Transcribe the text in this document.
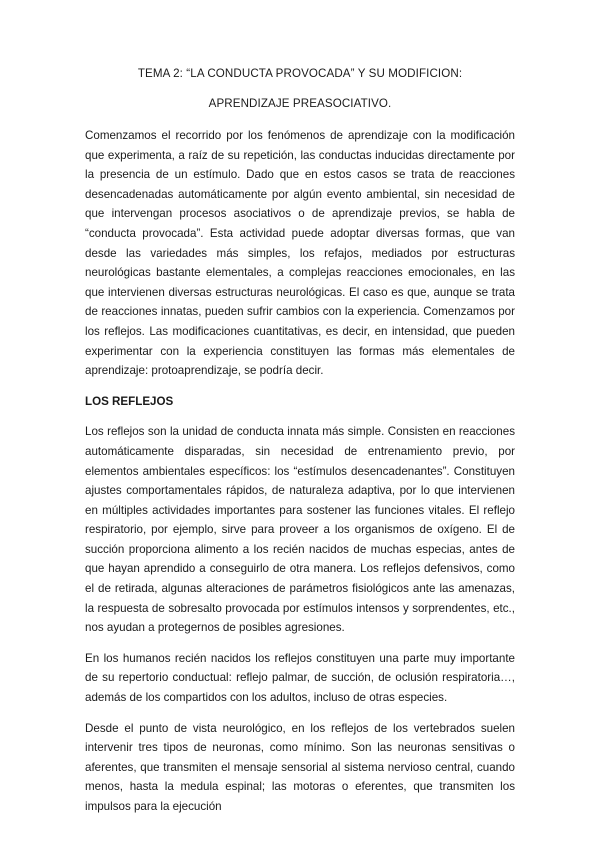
TEMA 2: “LA CONDUCTA PROVOCADA” Y SU MODIFICION:
APRENDIZAJE PREASOCIATIVO.

Comenzamos el recorrido por los fenómenos de aprendizaje con la modificación que experimenta, a raíz de su repetición, las conductas inducidas directamente por la presencia de un estímulo. Dado que en estos casos se trata de reacciones desencadenadas automáticamente por algún evento ambiental, sin necesidad de que intervengan procesos asociativos o de aprendizaje previos, se habla de “conducta provocada”. Esta actividad puede adoptar diversas formas, que van desde las variedades más simples, los refajos, mediados por estructuras neurológicas bastante elementales, a complejas reacciones emocionales, en las que intervienen diversas estructuras neurológicas. El caso es que, aunque se trata de reacciones innatas, pueden sufrir cambios con la experiencia. Comenzamos por los reflejos. Las modificaciones cuantitativas, es decir, en intensidad, que pueden experimentar con la experiencia constituyen las formas más elementales de aprendizaje: protoaprendizaje, se podría decir.

LOS REFLEJOS

Los reflejos son la unidad de conducta innata más simple. Consisten en reacciones automáticamente disparadas, sin necesidad de entrenamiento previo, por elementos ambientales específicos: los “estímulos desencadenantes”. Constituyen ajustes comportamentales rápidos, de naturaleza adaptiva, por lo que intervienen en múltiples actividades importantes para sostener las funciones vitales. El reflejo respiratorio, por ejemplo, sirve para proveer a los organismos de oxígeno. El de succión proporciona alimento a los recién nacidos de muchas especias, antes de que hayan aprendido a conseguirlo de otra manera. Los reflejos defensivos, como el de retirada, algunas alteraciones de parámetros fisiológicos ante las amenazas, la respuesta de sobresalto provocada por estímulos intensos y sorprendentes, etc., nos ayudan a protegernos de posibles agresiones.

En los humanos recién nacidos los reflejos constituyen una parte muy importante de su repertorio conductual: reflejo palmar, de succión, de oclusión respiratoria…, además de los compartidos con los adultos, incluso de otras especies.

Desde el punto de vista neurológico, en los reflejos de los vertebrados suelen intervenir tres tipos de neuronas, como mínimo. Son las neuronas sensitivas o aferentes, que transmiten el mensaje sensorial al sistema nervioso central, cuando menos, hasta la medula espinal; las motoras o eferentes, que transmiten los impulsos para la ejecución
